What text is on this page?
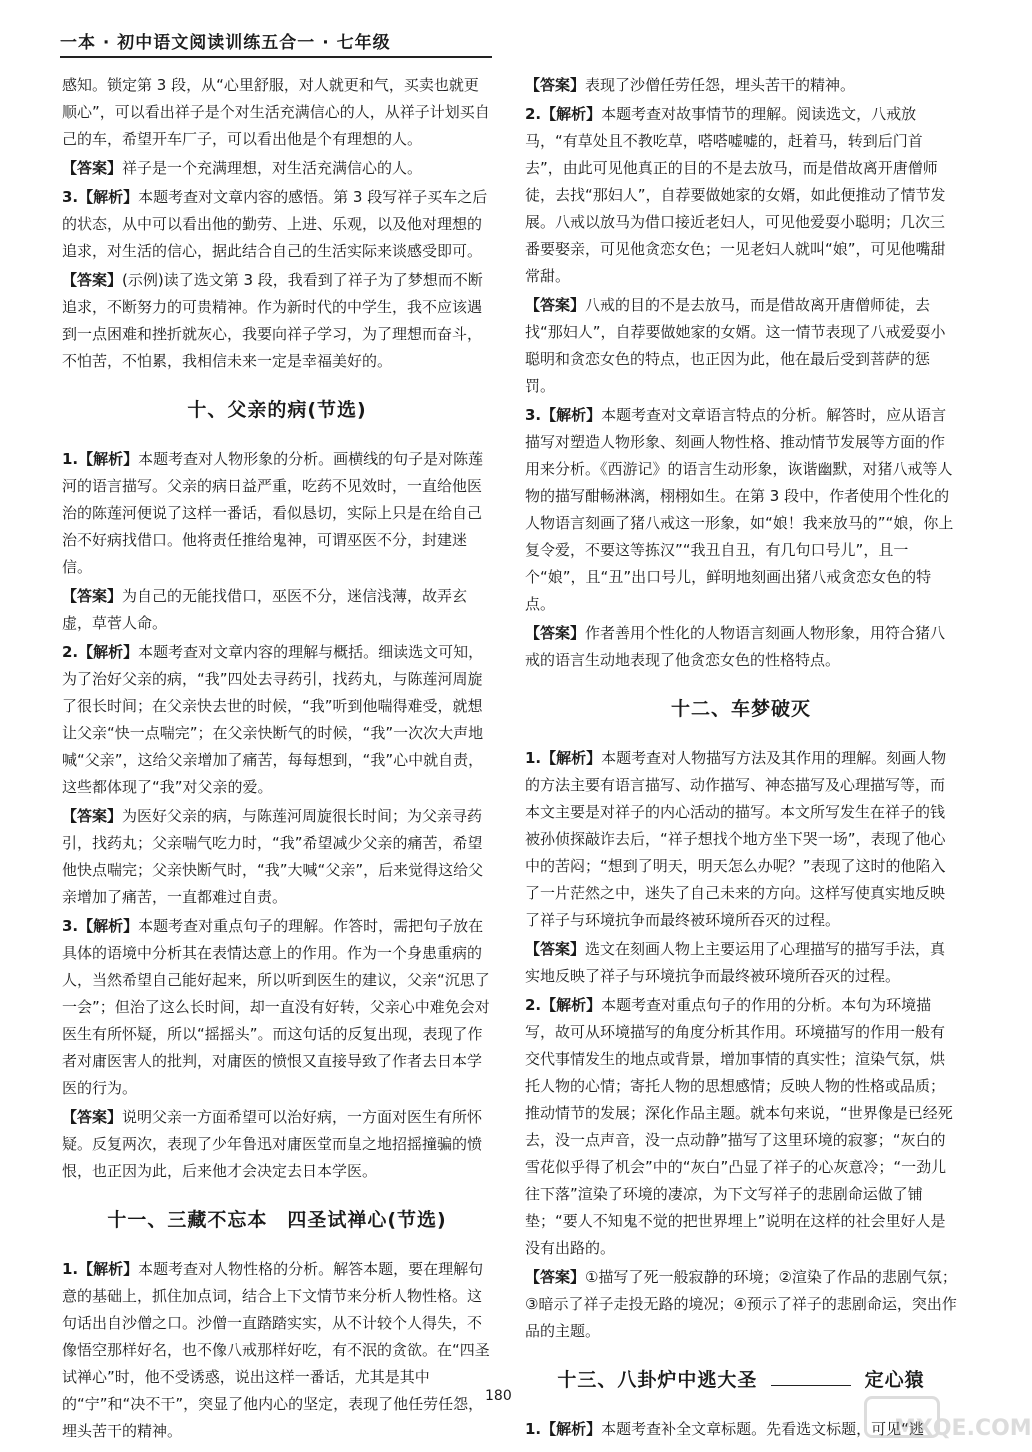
一本 · 初中语文阅读训练五合一 · 七年级

感知。锁定第 3 段，从“心里舒服，对人就更和气，买卖也就更顺心”，可以看出祥子是个对生活充满信心的人，从祥子计划买自己的车，希望开车厂子，可以看出他是个有理想的人。

【答案】祥子是一个充满理想，对生活充满信心的人。

3.【解析】本题考查对文章内容的感悟。第 3 段写祥子买车之后的状态，从中可以看出他的勤劳、上进、乐观，以及他对理想的追求，对生活的信心，据此结合自己的生活实际来谈感受即可。

【答案】(示例)读了选文第 3 段，我看到了祥子为了梦想而不断追求，不断努力的可贵精神。作为新时代的中学生，我不应该遇到一点困难和挫折就灰心，我要向祥子学习，为了理想而奋斗，不怕苦，不怕累，我相信未来一定是幸福美好的。

十、父亲的病(节选)

1.【解析】本题考查对人物形象的分析。画横线的句子是对陈莲河的语言描写。父亲的病日益严重，吃药不见效时，一直给他医治的陈莲河便说了这样一番话，看似恳切，实际上只是在给自己治不好病找借口。他将责任推给鬼神，可谓巫医不分，封建迷信。

【答案】为自己的无能找借口，巫医不分，迷信浅薄，故弄玄虚，草菅人命。

2.【解析】本题考查对文章内容的理解与概括。细读选文可知，为了治好父亲的病，“我”四处去寻药引，找药丸，与陈莲河周旋了很长时间；在父亲快去世的时候，“我”听到他喘得难受，就想让父亲“快一点喘完”；在父亲快断气的时候，“我”一次次大声地喊“父亲”，这给父亲增加了痛苦，每每想到，“我”心中就自责，这些都体现了“我”对父亲的爱。

【答案】为医好父亲的病，与陈莲河周旋很长时间；为父亲寻药引，找药丸；父亲喘气吃力时，“我”希望减少父亲的痛苦，希望他快点喘完；父亲快断气时，“我”大喊“父亲”，后来觉得这给父亲增加了痛苦，一直都难过自责。

3.【解析】本题考查对重点句子的理解。作答时，需把句子放在具体的语境中分析其在表情达意上的作用。作为一个身患重病的人，当然希望自己能好起来，所以听到医生的建议，父亲“沉思了一会”；但治了这么长时间，却一直没有好转，父亲心中难免会对医生有所怀疑，所以“摇摇头”。而这句话的反复出现，表现了作者对庸医害人的批判，对庸医的愤恨又直接导致了作者去日本学医的行为。

【答案】说明父亲一方面希望可以治好病，一方面对医生有所怀疑。反复两次，表现了少年鲁迅对庸医堂而皇之地招摇撞骗的愤恨，也正因为此，后来他才会决定去日本学医。

十一、三藏不忘本　四圣试禅心(节选)

1.【解析】本题考查对人物性格的分析。解答本题，要在理解句意的基础上，抓住加点词，结合上下文情节来分析人物性格。这句话出自沙僧之口。沙僧一直踏踏实实，从不计较个人得失，不像悟空那样好名，也不像八戒那样好吃，有不泯的贪欲。在“四圣试禅心”时，他不受诱惑，说出这样一番话，尤其是其中的“宁”和“决不干”，突显了他内心的坚定，表现了他任劳任怨，埋头苦干的精神。

【答案】表现了沙僧任劳任怨，埋头苦干的精神。

2.【解析】本题考查对故事情节的理解。阅读选文，八戒放马，“有草处且不教吃草，嗒嗒嘘嘘的，赶着马，转到后门首去”，由此可见他真正的目的不是去放马，而是借故离开唐僧师徒，去找“那妇人”，自荐要做她家的女婿，如此便推动了情节发展。八戒以放马为借口接近老妇人，可见他爱耍小聪明；几次三番要娶亲，可见他贪恋女色；一见老妇人就叫“娘”，可见他嘴甜常甜。

【答案】八戒的目的不是去放马，而是借故离开唐僧师徒，去找“那妇人”，自荐要做她家的女婿。这一情节表现了八戒爱耍小聪明和贪恋女色的特点，也正因为此，他在最后受到菩萨的惩罚。

3.【解析】本题考查对文章语言特点的分析。解答时，应从语言描写对塑造人物形象、刻画人物性格、推动情节发展等方面的作用来分析。《西游记》的语言生动形象，诙谐幽默，对猪八戒等人物的描写酣畅淋漓，栩栩如生。在第 3 段中，作者使用个性化的人物语言刻画了猪八戒这一形象，如“娘！我来放马的”“娘，你上复令爱，不要这等拣汉”“我丑自丑，有几句口号儿”，且一个“娘”，且“丑”出口号儿，鲜明地刻画出猪八戒贪恋女色的特点。

【答案】作者善用个性化的人物语言刻画人物形象，用符合猪八戒的语言生动地表现了他贪恋女色的性格特点。

十二、车梦破灭

1.【解析】本题考查对人物描写方法及其作用的理解。刻画人物的方法主要有语言描写、动作描写、神态描写及心理描写等，而本文主要是对祥子的内心活动的描写。本文所写发生在祥子的钱被孙侦探敲诈去后，“祥子想找个地方坐下哭一场”，表现了他心中的苦闷；“想到了明天，明天怎么办呢？”表现了这时的他陷入了一片茫然之中，迷失了自己未来的方向。这样写使真实地反映了祥子与环境抗争而最终被环境所吞灭的过程。

【答案】选文在刻画人物上主要运用了心理描写的描写手法，真实地反映了祥子与环境抗争而最终被环境所吞灭的过程。

2.【解析】本题考查对重点句子的作用的分析。本句为环境描写，故可从环境描写的角度分析其作用。环境描写的作用一般有交代事情发生的地点或背景，增加事情的真实性；渲染气氛，烘托人物的心情；寄托人物的思想感情；反映人物的性格或品质；推动情节的发展；深化作品主题。就本句来说，“世界像是已经死去，没一点声音，没一点动静”描写了这里环境的寂寥；“灰白的雪花似乎得了机会”中的“灰白”凸显了祥子的心灰意冷；“一劲儿往下落”渲染了环境的凄凉，为下文写祥子的悲剧命运做了铺垫；“要人不知鬼不觉的把世界埋上”说明在这样的社会里好人是没有出路的。

【答案】①描写了死一般寂静的环境；②渲染了作品的悲剧气氛；③暗示了祥子走投无路的境况；④预示了祥子的悲剧命运，突出作品的主题。

十三、八卦炉中逃大圣	定心猿

1.【解析】本题考查补全文章标题。先看选文标题，可见“逃

180
MXQE.COM
